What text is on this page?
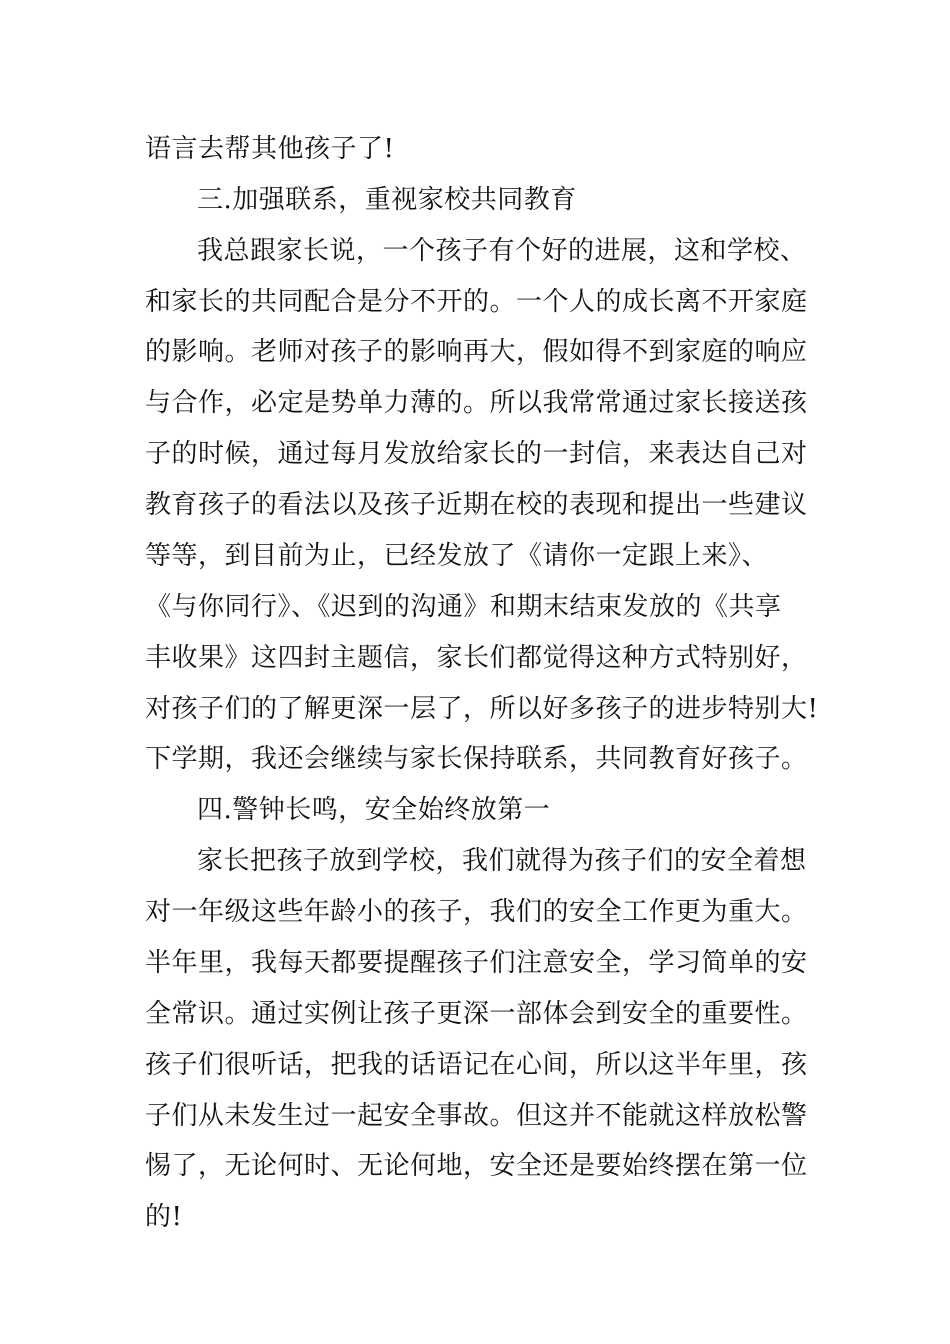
语言去帮其他孩子了!
三.加强联系，重视家校共同教育
我总跟家长说，一个孩子有个好的进展，这和学校、
和家长的共同配合是分不开的。一个人的成长离不开家庭
的影响。老师对孩子的影响再大，假如得不到家庭的响应
与合作，必定是势单力薄的。所以我常常通过家长接送孩
子的时候，通过每月发放给家长的一封信，来表达自己对
教育孩子的看法以及孩子近期在校的表现和提出一些建议
等等，到目前为止，已经发放了《请你一定跟上来》、
《与你同行》、《迟到的沟通》和期末结束发放的《共享
丰收果》这四封主题信，家长们都觉得这种方式特别好，
对孩子们的了解更深一层了，所以好多孩子的进步特别大!
下学期，我还会继续与家长保持联系，共同教育好孩子。
四.警钟长鸣，安全始终放第一
家长把孩子放到学校，我们就得为孩子们的安全着想
对一年级这些年龄小的孩子，我们的安全工作更为重大。
半年里，我每天都要提醒孩子们注意安全，学习简单的安
全常识。通过实例让孩子更深一部体会到安全的重要性。
孩子们很听话，把我的话语记在心间，所以这半年里，孩
子们从未发生过一起安全事故。但这并不能就这样放松警
惕了，无论何时、无论何地，安全还是要始终摆在第一位
的!
